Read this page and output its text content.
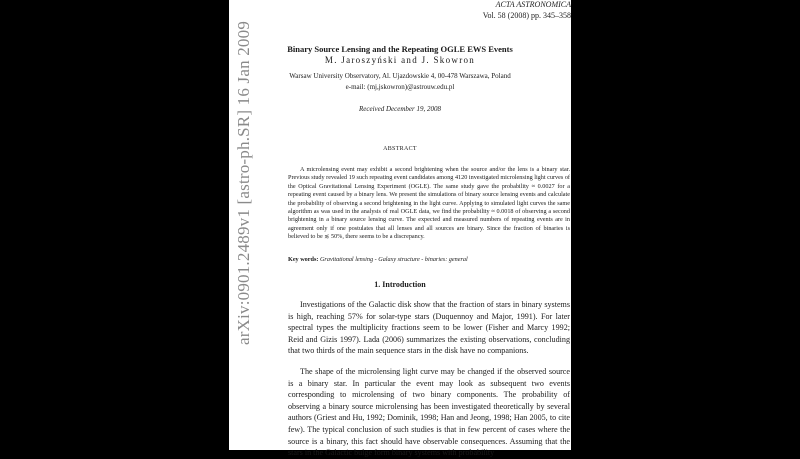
arXiv:0901.2489v1 [astro-ph.SR] 16 Jan 2009
ACTA ASTRONOMICA
Vol. 58 (2008) pp. 345–358
Binary Source Lensing and the Repeating OGLE EWS Events
M. Jaroszyński and J. Skowron
Warsaw University Observatory, Al. Ujazdowskie 4, 00-478 Warszawa, Poland
e-mail: (mj,jskowron)@astrouw.edu.pl
Received December 19, 2008
ABSTRACT
A microlensing event may exhibit a second brightening when the source and/or the lens is a binary star. Previous study revealed 19 such repeating event candidates among 4120 investigated microlensing light curves of the Optical Gravitational Lensing Experiment (OGLE). The same study gave the probability ≈ 0.0027 for a repeating event caused by a binary lens. We present the simulations of binary source lensing events and calculate the probability of observing a second brightening in the light curve. Applying to simulated light curves the same algorithm as was used in the analysis of real OGLE data, we find the probability ≈ 0.0018 of observing a second brightening in a binary source lensing curve. The expected and measured numbers of repeating events are in agreement only if one postulates that all lenses and all sources are binary. Since the fraction of binaries is believed to be ≲ 50%, there seems to be a discrepancy.
Key words: Gravitational lensing - Galaxy structure - binaries: general
1. Introduction
Investigations of the Galactic disk show that the fraction of stars in binary systems is high, reaching 57% for solar-type stars (Duquennoy and Major, 1991). For later spectral types the multiplicity fractions seem to be lower (Fisher and Marcy 1992; Reid and Gizis 1997). Lada (2006) summarizes the existing observations, concluding that two thirds of the main sequence stars in the disk have no companions.
The shape of the microlensing light curve may be changed if the observed source is a binary star. In particular the event may look as subsequent two events corresponding to microlensing of two binary components. The probability of observing a binary source microlensing has been investigated theoretically by several authors (Griest and Hu, 1992; Dominik, 1998; Han and Jeong, 1998; Han 2005, to cite few). The typical conclusion of such studies is that in few percent of cases where the source is a binary, this fact should have observable consequences. Assuming that the stars in the Galactic bulge form binary systems with probability
